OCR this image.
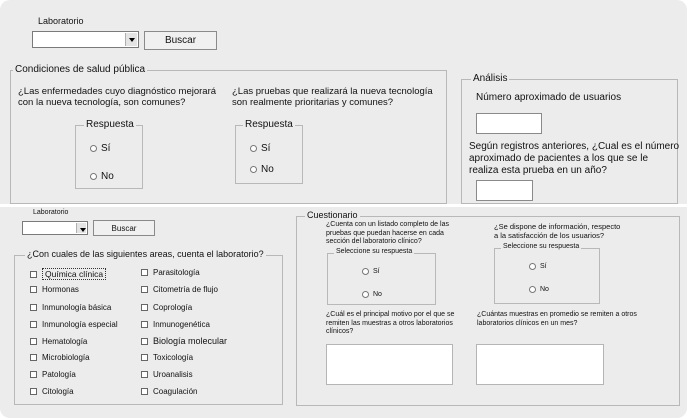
Laboratorio
Buscar
Condiciones de salud pública
¿Las enfermedades cuyo diagnóstico mejorará
con la nueva tecnología, son comunes?
¿Las pruebas que realizará la nueva tecnología
son realmente prioritarias y comunes?
Respuesta
Sí
No
Respuesta
Sí
No
Análisis
Número aproximado de usuarios
Según registros anteriores, ¿Cual es el número
aproximado de pacientes a los que se le
realiza esta prueba en un año?
Laboratorio
Buscar
¿Con cuales de las siguientes areas, cuenta el laboratorio?
Química clínica
Hormonas
Inmunología básica
Inmunología especial
Hematología
Microbiología
Patología
Citología
Parasitología
Citometría de flujo
Coprología
Inmunogenética
Biología molecular
Toxicología
Uroanalisis
Coagulación
Cuestionario
¿Cuenta con un listado completo de las
pruebas que puedan hacerse en cada
sección del laboratorio clínico?
Seleccione su respuesta
Sí
No
¿Se dispone de información, respecto
a la satisfacción de los usuarios?
Seleccione su respuesta
Sí
No
¿Cuál es el principal motivo por el que se
remiten las muestras a otros laboratorios
clínicos?
¿Cuántas muestras en promedio se remiten a otros
laboratorios clínicos en un mes?
